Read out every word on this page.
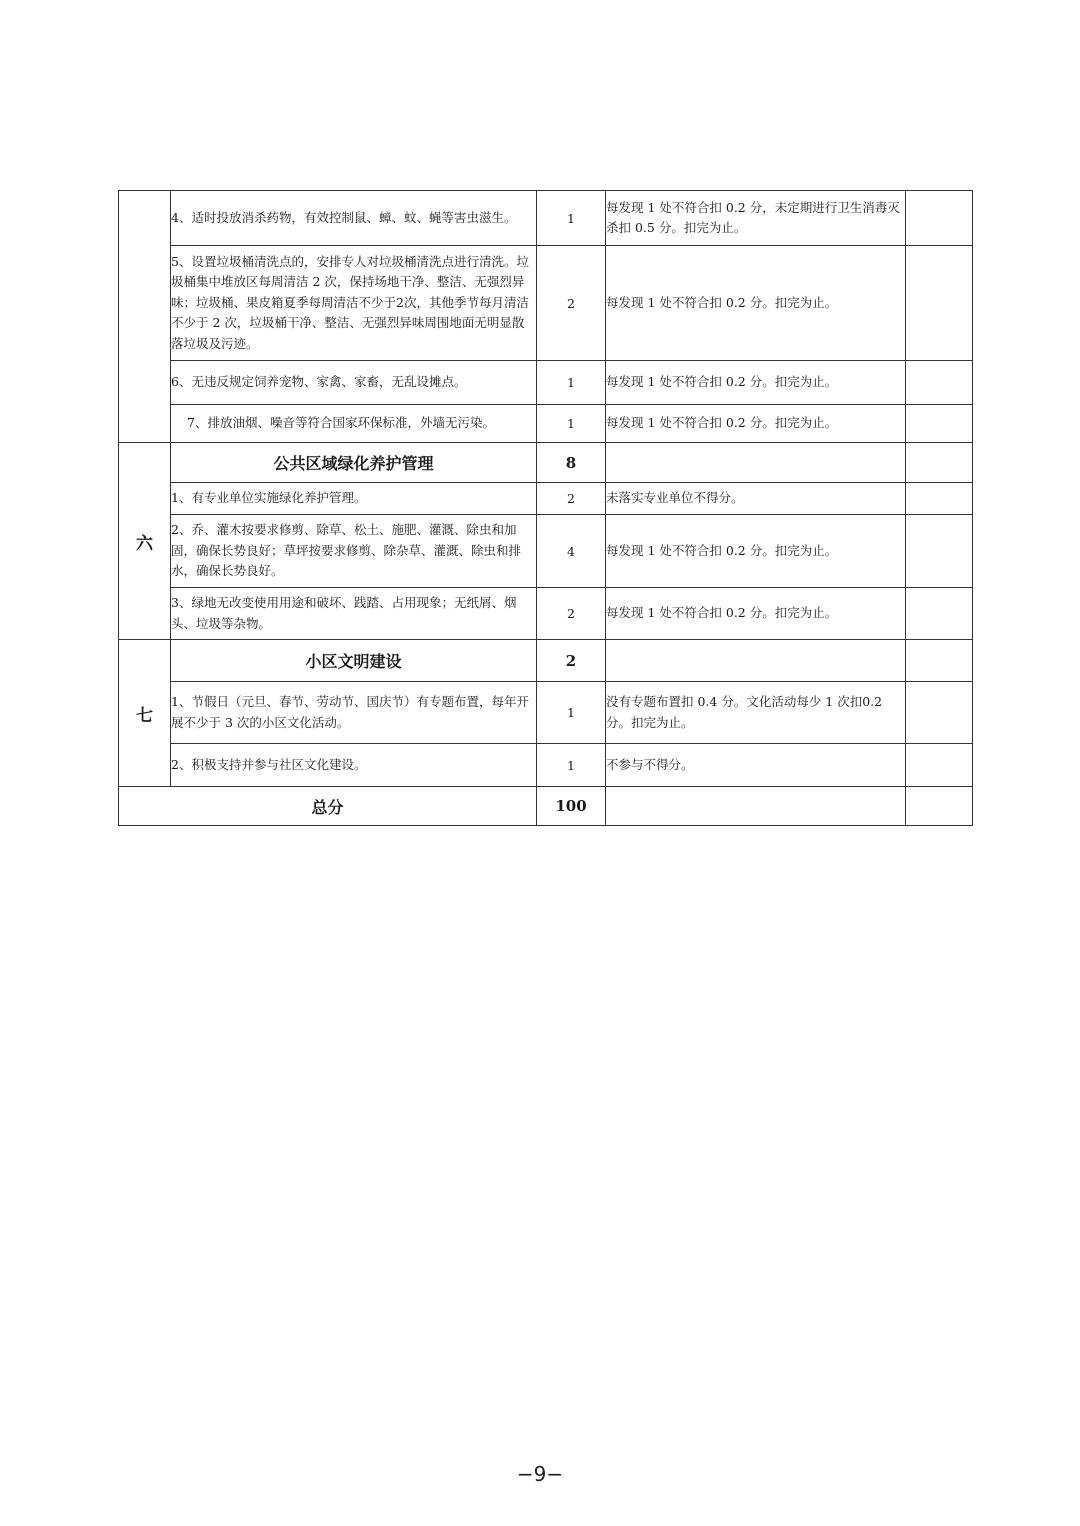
	4、适时投放消杀药物，有效控制鼠、蟑、蚊、蝇等害虫滋生。	1	每发现 1 处不符合扣 0.2 分，未定期进行卫生消毒灭杀扣 0.5 分。扣完为止。	
	5、设置垃圾桶清洗点的，安排专人对垃圾桶清洗点进行清洗。垃圾桶集中堆放区每周清洁 2 次，保持场地干净、整洁、无强烈异味；垃圾桶、果皮箱夏季每周清洁不少于2次，其他季节每月清洁不少于 2 次，垃圾桶干净、整洁、无强烈异味周围地面无明显散落垃圾及污迹。	2	每发现 1 处不符合扣 0.2 分。扣完为止。	
	6、无违反规定饲养宠物、家禽、家畜，无乱设摊点。	1	每发现 1 处不符合扣 0.2 分。扣完为止。	
	7、排放油烟、噪音等符合国家环保标准，外墙无污染。	1	每发现 1 处不符合扣 0.2 分。扣完为止。	
六	公共区域绿化养护管理	8		
	1、有专业单位实施绿化养护管理。	2	未落实专业单位不得分。	
	2、乔、灌木按要求修剪、除草、松土、施肥、灌溉、除虫和加固，确保长势良好；草坪按要求修剪、除杂草、灌溉、除虫和排水，确保长势良好。	4	每发现 1 处不符合扣 0.2 分。扣完为止。	
	3、绿地无改变使用用途和破坏、践踏、占用现象；无纸屑、烟头、垃圾等杂物。	2	每发现 1 处不符合扣 0.2 分。扣完为止。	
七	小区文明建设	2		
	1、节假日（元旦、春节、劳动节、国庆节）有专题布置，每年开展不少于 3 次的小区文化活动。	1	没有专题布置扣 0.4 分。文化活动每少 1 次扣0.2 分。扣完为止。	
	2、积极支持并参与社区文化建设。	1	不参与不得分。	
总分		100		
−9−
